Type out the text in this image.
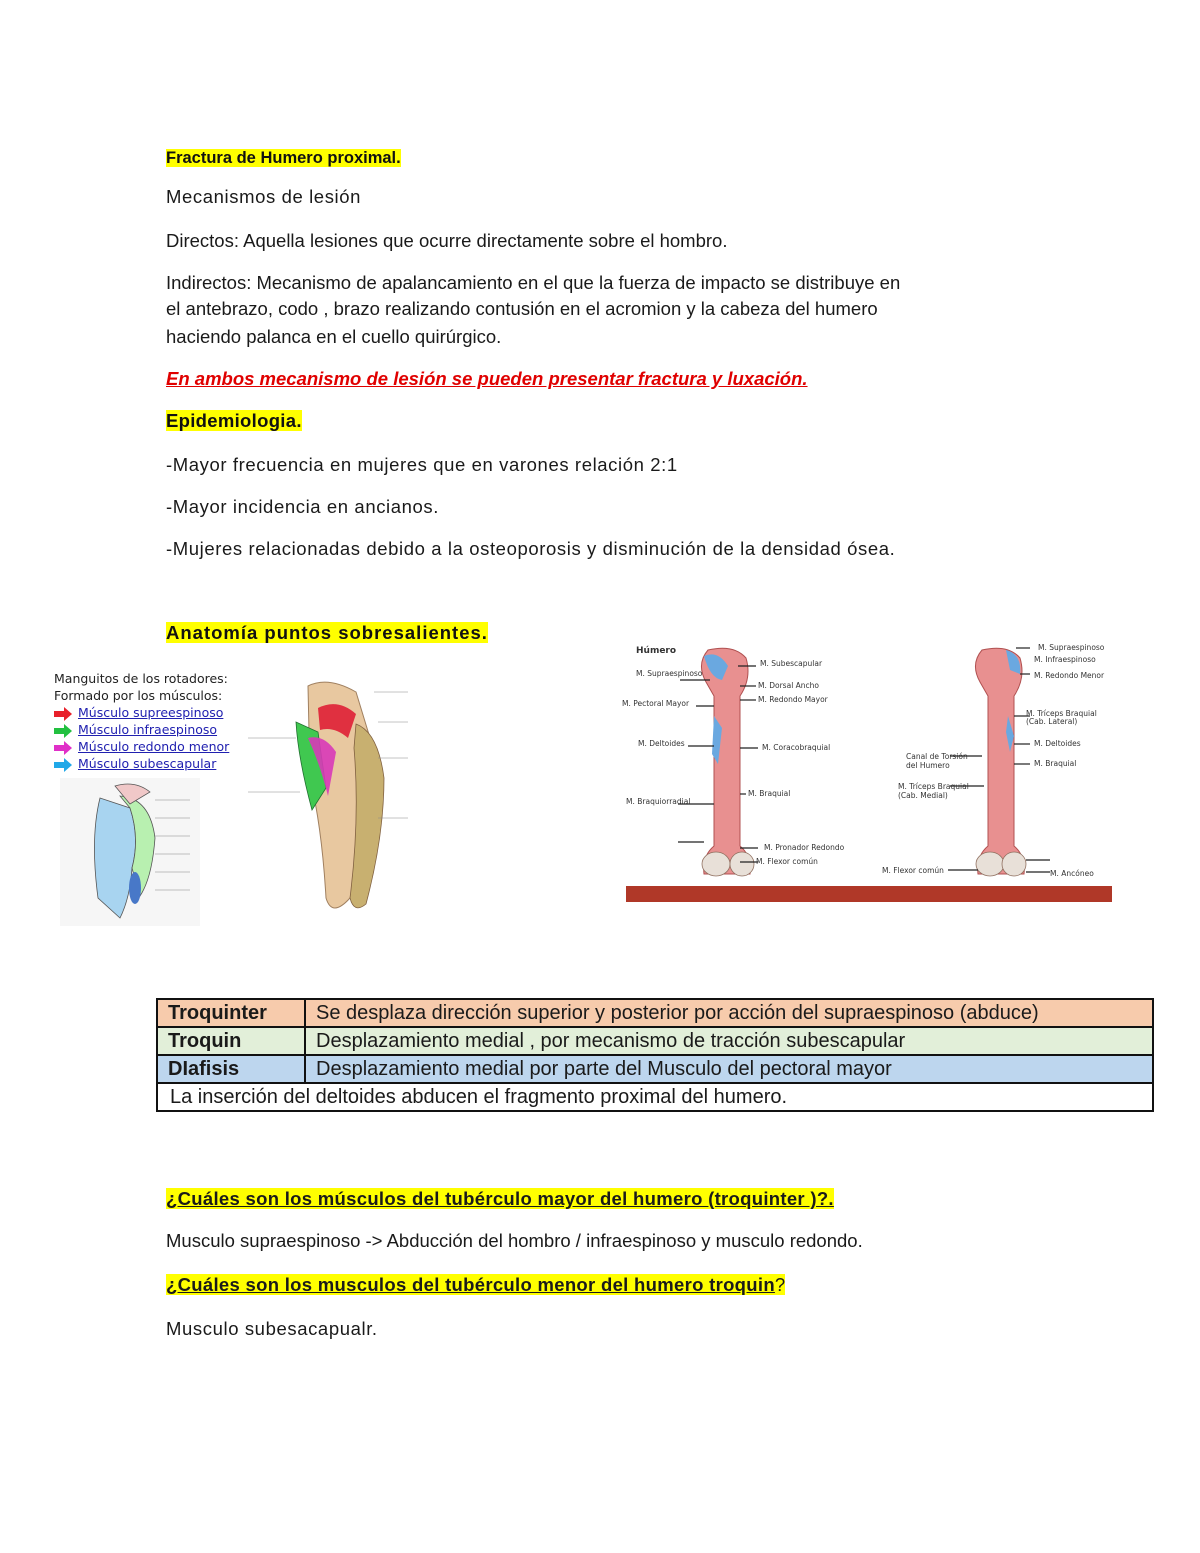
Fractura de Humero proximal.
Mecanismos de lesión
Directos: Aquella lesiones que ocurre directamente sobre el hombro.
Indirectos: Mecanismo de apalancamiento en el que la fuerza de impacto se distribuye en
el antebrazo, codo , brazo realizando contusión en el acromion y la cabeza del humero
haciendo palanca en el cuello quirúrgico.
En ambos mecanismo de lesión se pueden presentar fractura y luxación.
Epidemiologia.
-Mayor frecuencia en mujeres que en varones relación 2:1
-Mayor incidencia en ancianos.
-Mujeres relacionadas debido a la osteoporosis y disminución de la densidad ósea.
Anatomía puntos sobresalientes.
Manguitos de los rotadores:
Formado por los músculos:
Músculo supreespinoso
Músculo infraespinoso
Músculo redondo menor
Músculo subescapular
Húmero
M. Supraespinoso
M. Pectoral Mayor
M. Deltoides
M. Braquiorradial
M. Subescapular
M. Dorsal Ancho
M. Redondo Mayor
M. Coracobraquial
M. Braquial
M. Pronador Redondo
M. Flexor común
M. Supraespinoso
M. Infraespinoso
M. Redondo Menor
M. Tríceps Braquial (Cab. Lateral)
M. Deltoides
M. Braquial
M. Ancóneo
Canal de Torsión del Humero
M. Tríceps Braquial (Cab. Medial)
M. Flexor común
Troquinter	Se desplaza dirección superior y posterior por acción del supraespinoso (abduce)
Troquin	Desplazamiento medial , por mecanismo de tracción subescapular
DIafisis	Desplazamiento medial por parte del Musculo del pectoral mayor
La inserción del deltoides abducen el fragmento proximal del humero.	
¿Cuáles son los músculos del tubérculo mayor del humero (troquinter )?.
Musculo supraespinoso -> Abducción del hombro / infraespinoso y musculo redondo.
¿Cuáles son los musculos del tubérculo menor del humero troquin?
Musculo subesacapualr.
